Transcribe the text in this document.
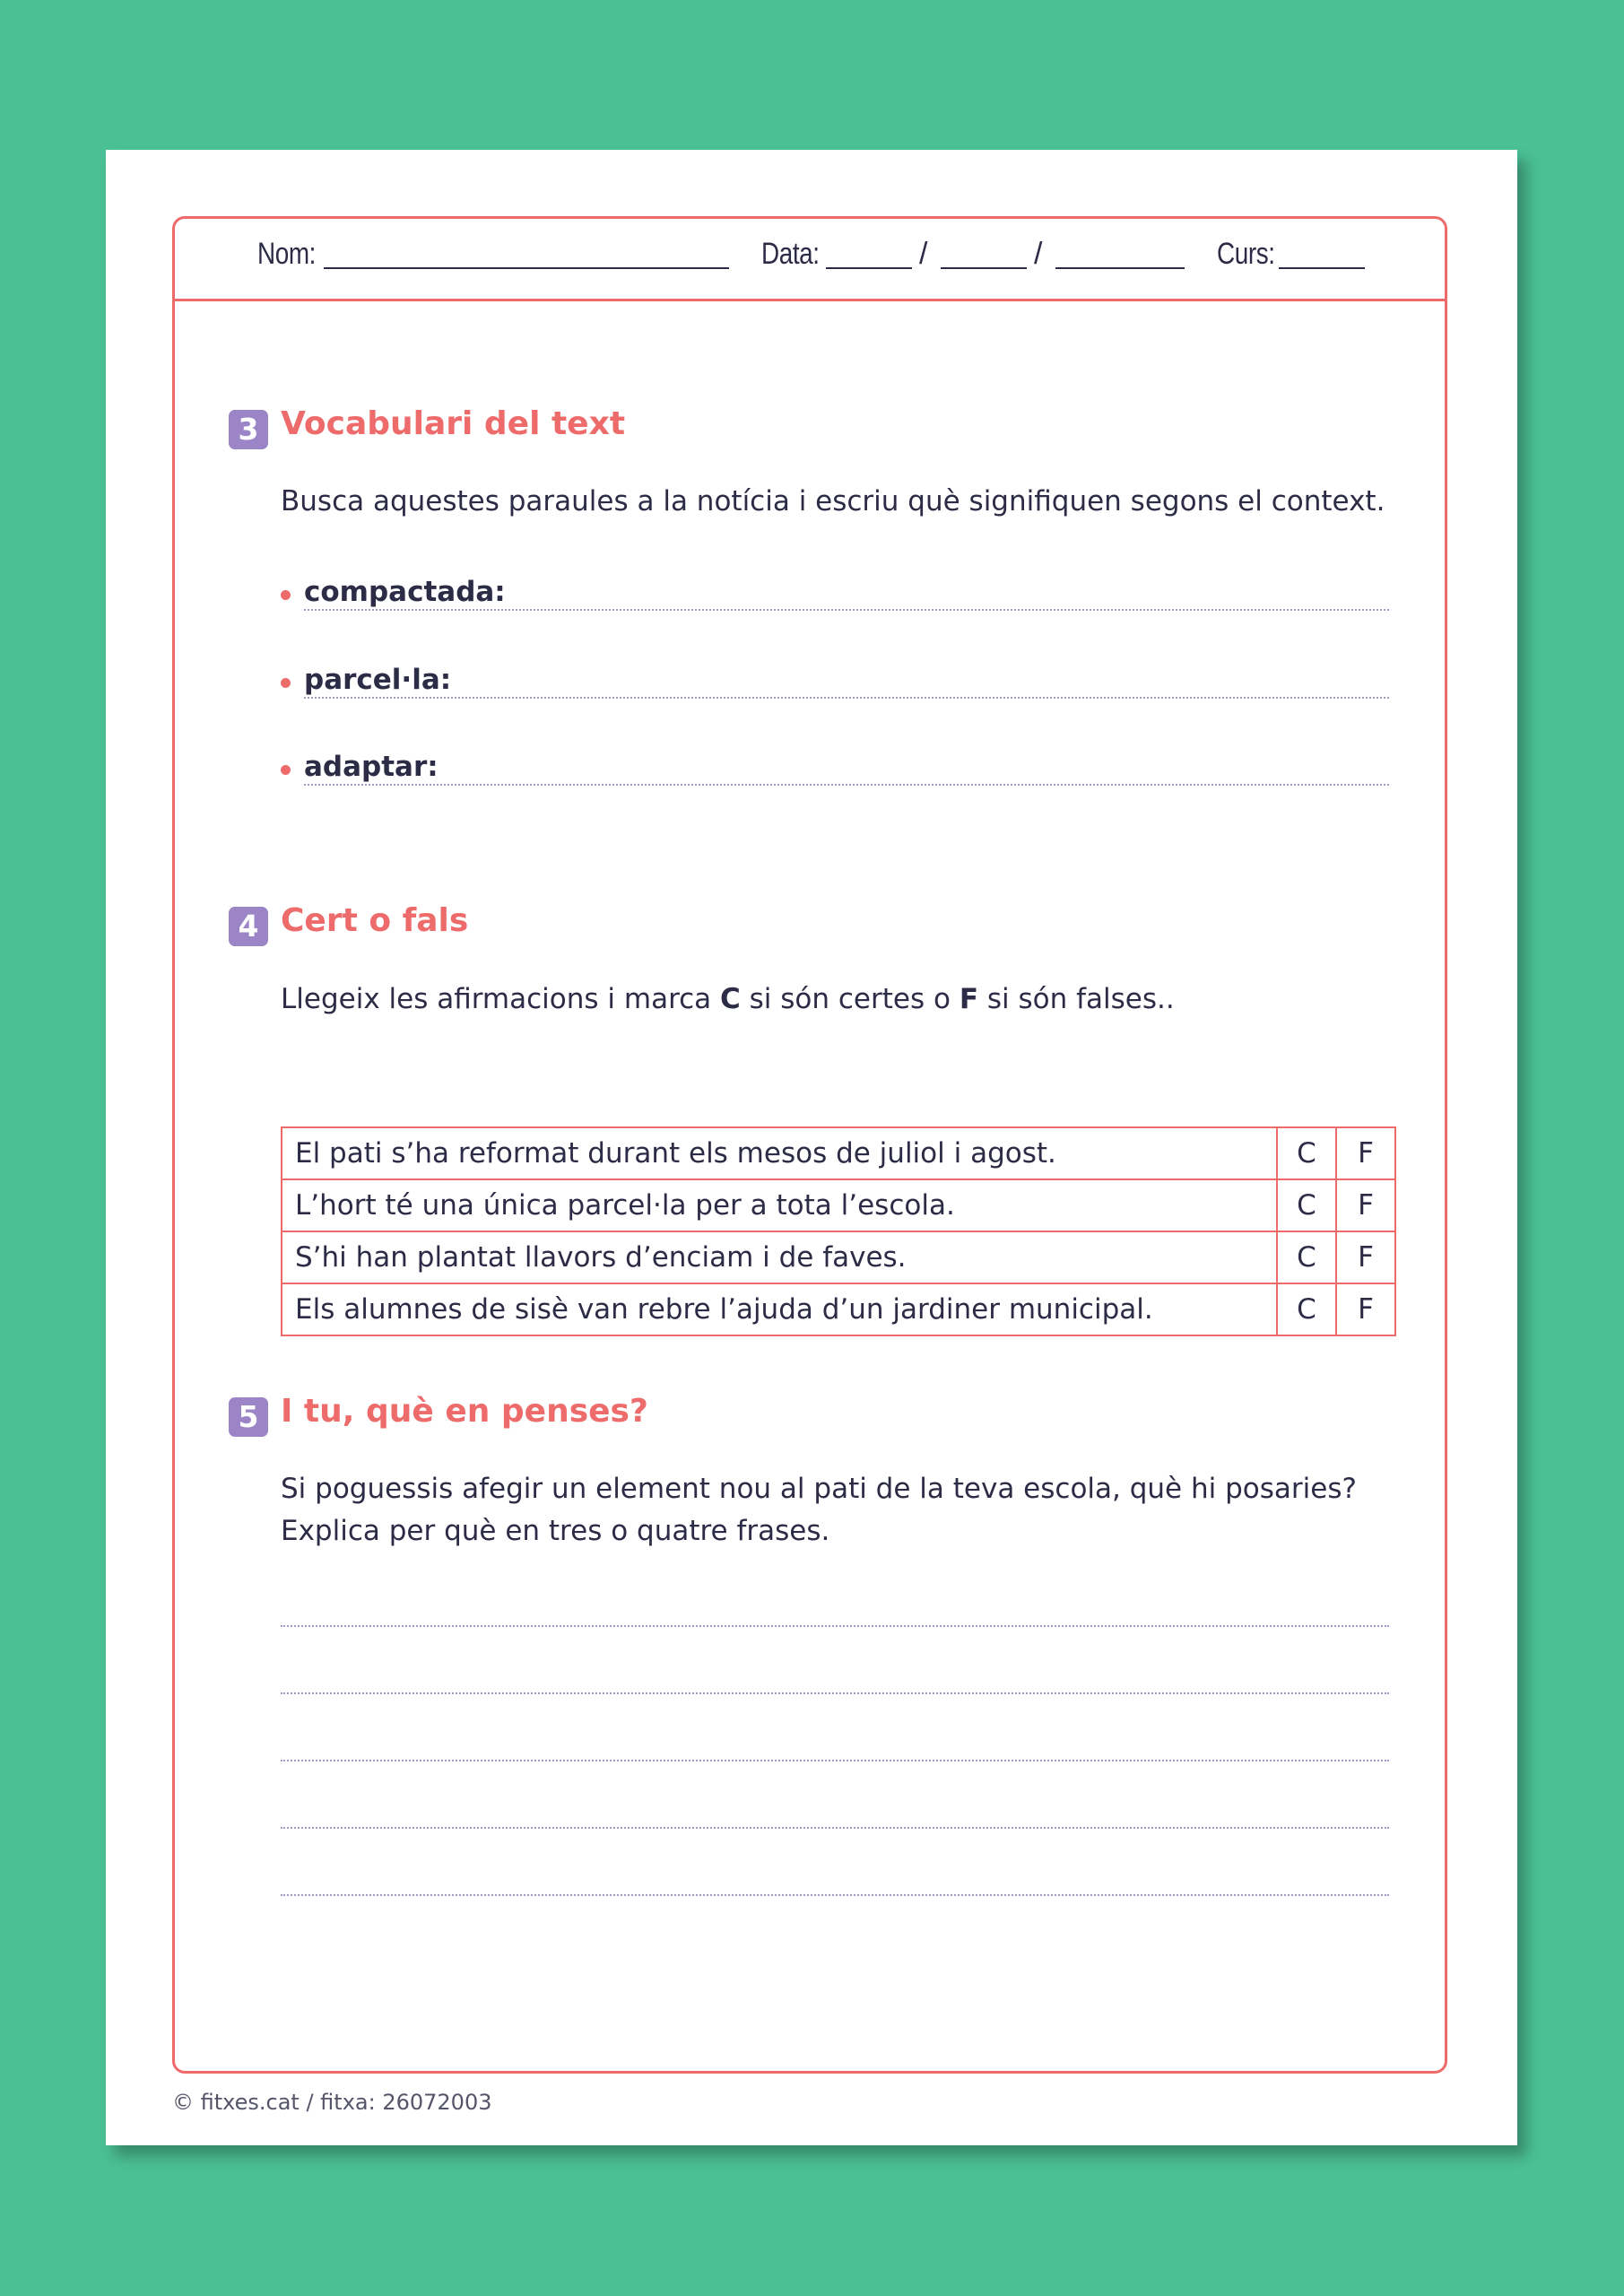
Nom:	Data:	/	/	Curs:
3 Vocabulari del text
Busca aquestes paraules a la notícia i escriu què signifiquen segons el context.
compactada:
parcel·la:
adaptar:
4 Cert o fals
Llegeix les afirmacions i marca C si són certes o F si són falses..
El pati s’ha reformat durant els mesos de juliol i agost.	C	F
L’hort té una única parcel·la per a tota l’escola.	C	F
S’hi han plantat llavors d’enciam i de faves.	C	F
Els alumnes de sisè van rebre l’ajuda d’un jardiner municipal.	C	F
5 I tu, què en penses?
Si poguessis afegir un element nou al pati de la teva escola, què hi posaries?
Explica per què en tres o quatre frases.
© fitxes.cat / fitxa: 26072003
